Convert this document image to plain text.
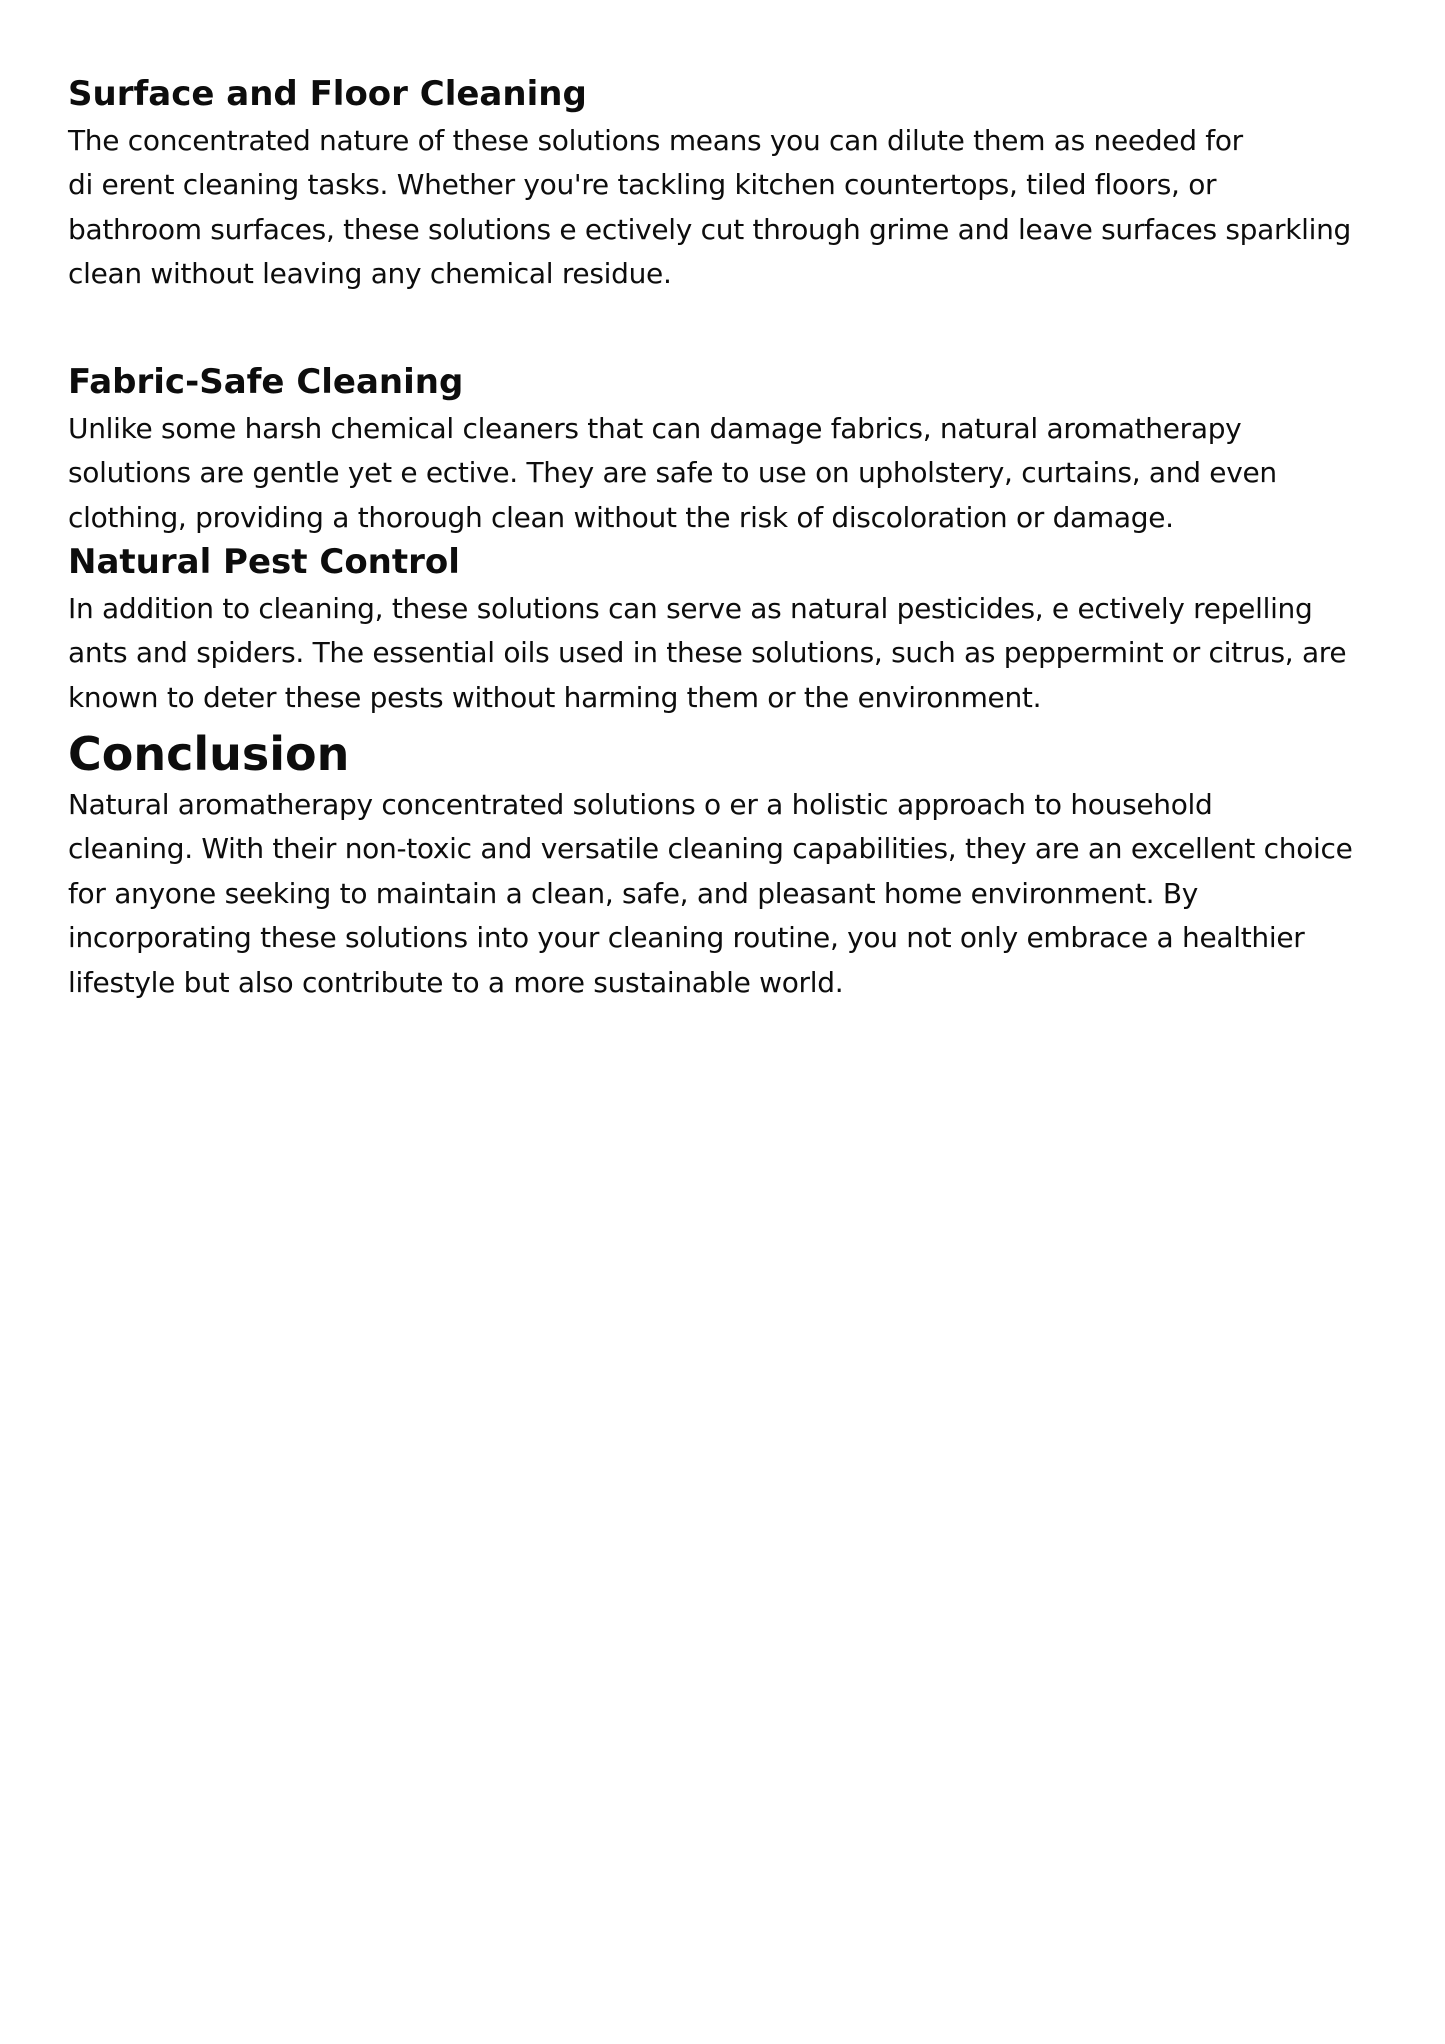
Surface and Floor Cleaning

The concentrated nature of these solutions means you can dilute them as needed for
di erent cleaning tasks. Whether you're tackling kitchen countertops, tiled floors, or
bathroom surfaces, these solutions e ectively cut through grime and leave surfaces sparkling
clean without leaving any chemical residue.

Fabric-Safe Cleaning

Unlike some harsh chemical cleaners that can damage fabrics, natural aromatherapy
solutions are gentle yet e ective. They are safe to use on upholstery, curtains, and even
clothing, providing a thorough clean without the risk of discoloration or damage.

Natural Pest Control

In addition to cleaning, these solutions can serve as natural pesticides, e ectively repelling
ants and spiders. The essential oils used in these solutions, such as peppermint or citrus, are
known to deter these pests without harming them or the environment.

Conclusion

Natural aromatherapy concentrated solutions o er a holistic approach to household
cleaning. With their non-toxic and versatile cleaning capabilities, they are an excellent choice
for anyone seeking to maintain a clean, safe, and pleasant home environment. By
incorporating these solutions into your cleaning routine, you not only embrace a healthier
lifestyle but also contribute to a more sustainable world.
